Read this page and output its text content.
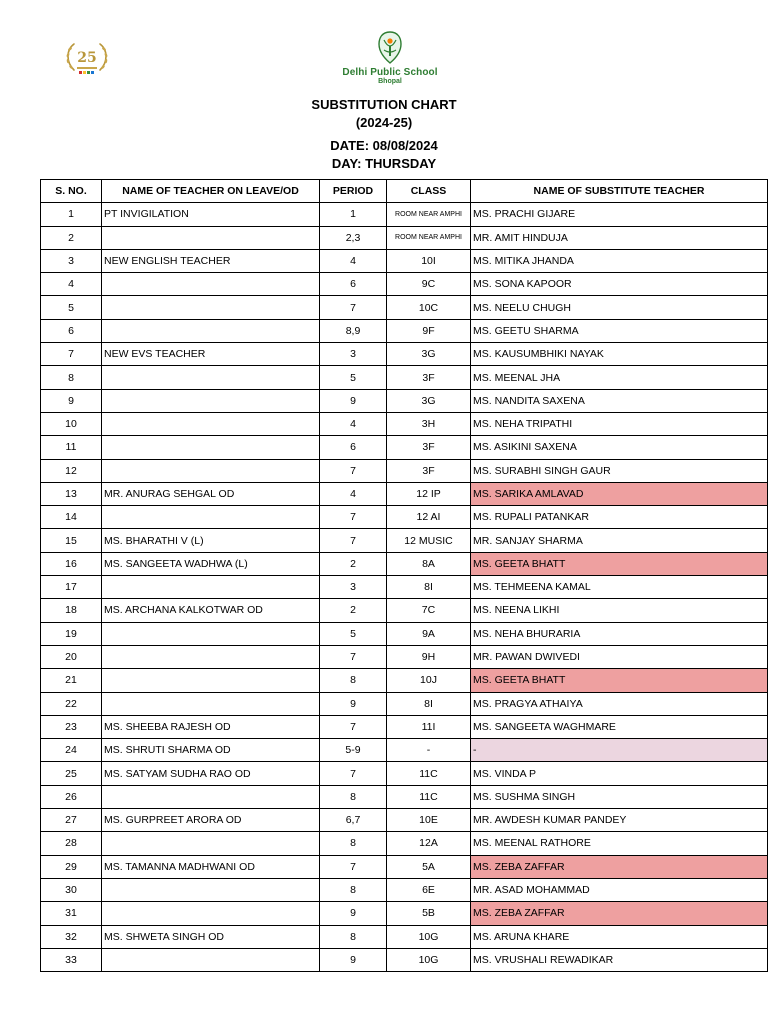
25
Delhi Public School
Bhopal
SUBSTITUTION CHART
(2024-25)
DATE: 08/08/2024
DAY: THURSDAY
S. NO.	NAME OF TEACHER ON LEAVE/OD	PERIOD	CLASS	NAME OF SUBSTITUTE TEACHER
1	PT INVIGILATION	1	ROOM NEAR AMPHI	MS. PRACHI GIJARE
2		2,3	ROOM NEAR AMPHI	MR. AMIT HINDUJA
3	NEW ENGLISH TEACHER	4	10I	MS. MITIKA JHANDA
4		6	9C	MS. SONA KAPOOR
5		7	10C	MS. NEELU CHUGH
6		8,9	9F	MS. GEETU SHARMA
7	NEW EVS TEACHER	3	3G	MS. KAUSUMBHIKI NAYAK
8		5	3F	MS. MEENAL JHA
9		9	3G	MS. NANDITA SAXENA
10		4	3H	MS. NEHA TRIPATHI
11		6	3F	MS. ASIKINI SAXENA
12		7	3F	MS. SURABHI SINGH GAUR
13	MR. ANURAG SEHGAL OD	4	12 IP	MS. SARIKA AMLAVAD
14		7	12 AI	MS. RUPALI PATANKAR
15	MS. BHARATHI V (L)	7	12 MUSIC	MR. SANJAY SHARMA
16	MS. SANGEETA WADHWA (L)	2	8A	MS. GEETA BHATT
17		3	8I	MS. TEHMEENA KAMAL
18	MS. ARCHANA KALKOTWAR OD	2	7C	MS. NEENA LIKHI
19		5	9A	MS. NEHA BHURARIA
20		7	9H	MR. PAWAN DWIVEDI
21		8	10J	MS. GEETA BHATT
22		9	8I	MS. PRAGYA ATHAIYA
23	MS. SHEEBA RAJESH OD	7	11I	MS. SANGEETA WAGHMARE
24	MS. SHRUTI SHARMA OD	5-9	-	-
25	MS. SATYAM SUDHA RAO OD	7	11C	MS. VINDA P
26		8	11C	MS. SUSHMA SINGH
27	MS. GURPREET ARORA OD	6,7	10E	MR. AWDESH KUMAR PANDEY
28		8	12A	MS. MEENAL RATHORE
29	MS. TAMANNA MADHWANI OD	7	5A	MS. ZEBA ZAFFAR
30		8	6E	MR. ASAD MOHAMMAD
31		9	5B	MS. ZEBA ZAFFAR
32	MS. SHWETA SINGH OD	8	10G	MS. ARUNA KHARE
33		9	10G	MS. VRUSHALI REWADIKAR
